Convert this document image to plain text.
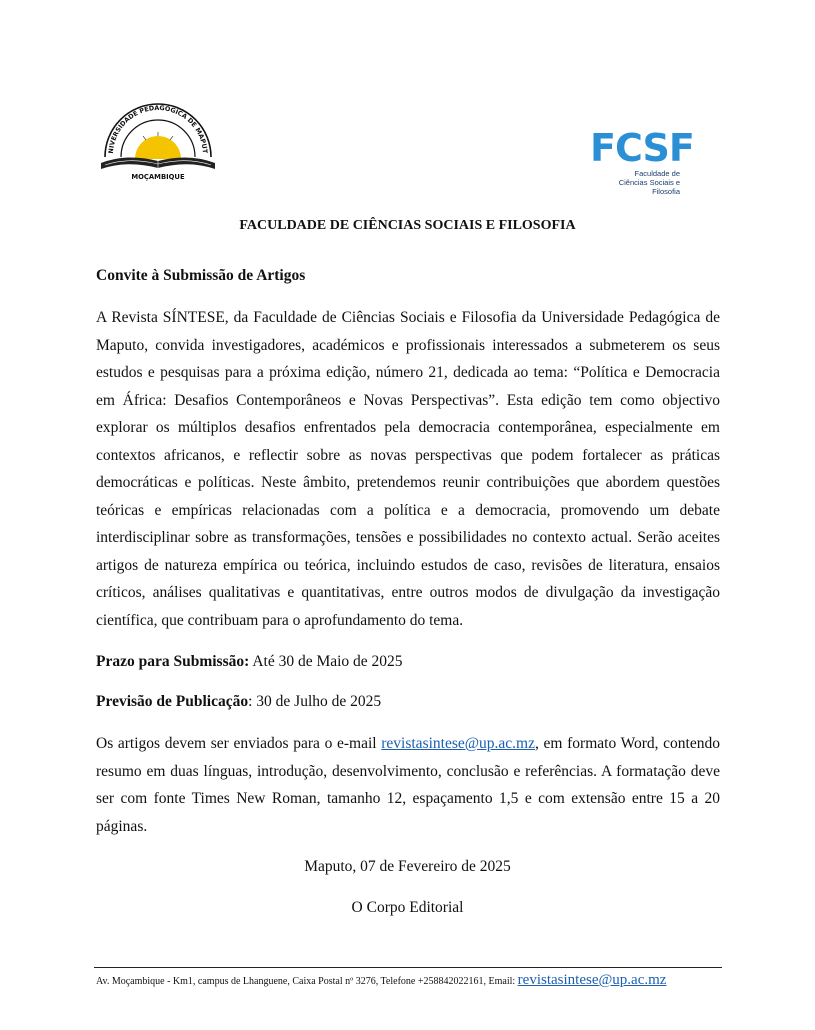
NIVERSIDADE PEDAGÓGICA DE MAPUT
MOÇAMBIQUE
FCSF
Faculdade de
Ciências Sociais e Filosofia
FACULDADE DE CIÊNCIAS SOCIAIS E FILOSOFIA
Convite à Submissão de Artigos

A Revista SÍNTESE, da Faculdade de Ciências Sociais e Filosofia da Universidade Pedagógica de Maputo, convida investigadores, académicos e profissionais interessados a submeterem os seus estudos e pesquisas para a próxima edição, número 21, dedicada ao tema: “Política e Democracia em África: Desafios Contemporâneos e Novas Perspectivas”. Esta edição tem como objectivo explorar os múltiplos desafios enfrentados pela democracia contemporânea, especialmente em contextos africanos, e reflectir sobre as novas perspectivas que podem fortalecer as práticas democráticas e políticas. Neste âmbito, pretendemos reunir contribuições que abordem questões teóricas e empíricas relacionadas com a política e a democracia, promovendo um debate interdisciplinar sobre as transformações, tensões e possibilidades no contexto actual. Serão aceites artigos de natureza empírica ou teórica, incluindo estudos de caso, revisões de literatura, ensaios críticos, análises qualitativas e quantitativas, entre outros modos de divulgação da investigação científica, que contribuam para o aprofundamento do tema.

Prazo para Submissão: Até 30 de Maio de 2025
Previsão de Publicação: 30 de Julho de 2025

Os artigos devem ser enviados para o e-mail revistasintese@up.ac.mz, em formato Word, contendo resumo em duas línguas, introdução, desenvolvimento, conclusão e referências. A formatação deve ser com fonte Times New Roman, tamanho 12, espaçamento 1,5 e com extensão entre 15 a 20 páginas.

Maputo, 07 de Fevereiro de 2025
O Corpo Editorial
Av. Moçambique - Km1, campus de Lhanguene, Caixa Postal nº 3276, Telefone +258842022161, Email: revistasintese@up.ac.mz
